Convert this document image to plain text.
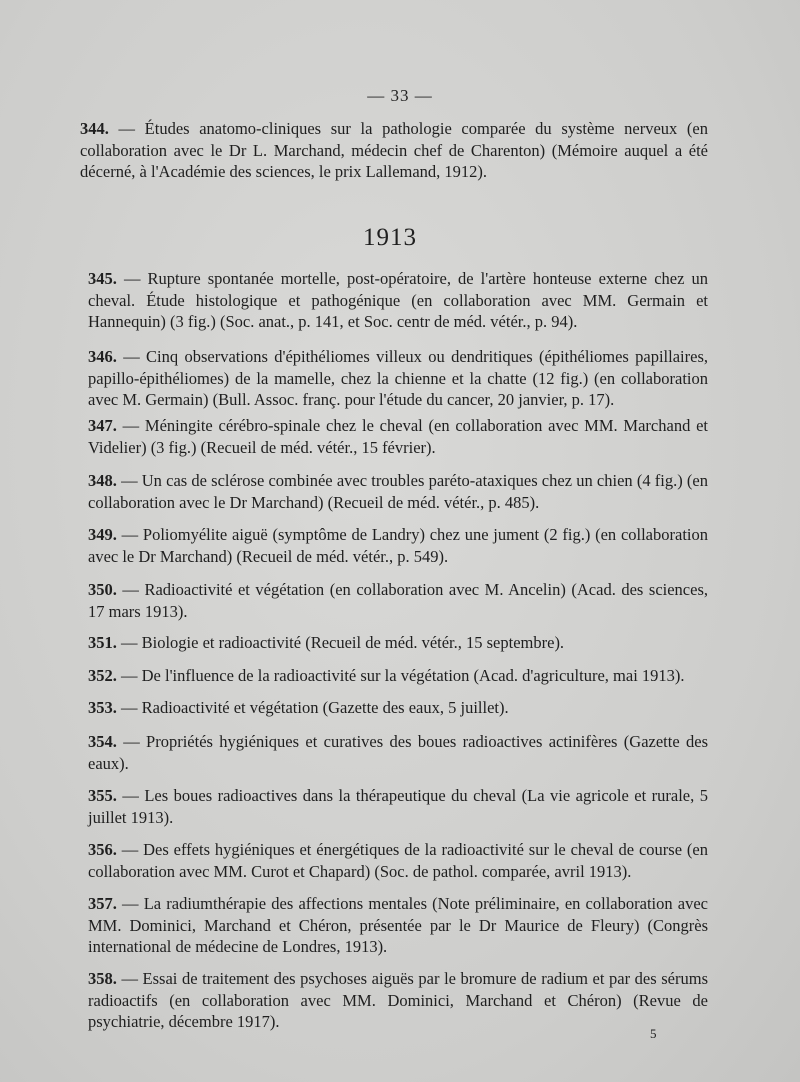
— 33 —
344. — Études anatomo-cliniques sur la pathologie comparée du système nerveux (en collaboration avec le Dr L. Marchand, médecin chef de Charenton) (Mémoire auquel a été décerné, à l'Académie des sciences, le prix Lallemand, 1912).
1913
345. — Rupture spontanée mortelle, post-opératoire, de l'artère honteuse externe chez un cheval. Étude histologique et pathogénique (en collaboration avec MM. Germain et Hannequin) (3 fig.) (Soc. anat., p. 141, et Soc. centr de méd. vétér., p. 94).
346. — Cinq observations d'épithéliomes villeux ou dendritiques (épithéliomes papillaires, papillo-épithéliomes) de la mamelle, chez la chienne et la chatte (12 fig.) (en collaboration avec M. Germain) (Bull. Assoc. franç. pour l'étude du cancer, 20 janvier, p. 17).
347. — Méningite cérébro-spinale chez le cheval (en collaboration avec MM. Marchand et Videlier) (3 fig.) (Recueil de méd. vétér., 15 février).
348. — Un cas de sclérose combinée avec troubles paréto-ataxiques chez un chien (4 fig.) (en collaboration avec le Dr Marchand) (Recueil de méd. vétér., p. 485).
349. — Poliomyélite aiguë (symptôme de Landry) chez une jument (2 fig.) (en collaboration avec le Dr Marchand) (Recueil de méd. vétér., p. 549).
350. — Radioactivité et végétation (en collaboration avec M. Ancelin) (Acad. des sciences, 17 mars 1913).
351. — Biologie et radioactivité (Recueil de méd. vétér., 15 septembre).
352. — De l'influence de la radioactivité sur la végétation (Acad. d'agriculture, mai 1913).
353. — Radioactivité et végétation (Gazette des eaux, 5 juillet).
354. — Propriétés hygiéniques et curatives des boues radioactives actinifères (Gazette des eaux).
355. — Les boues radioactives dans la thérapeutique du cheval (La vie agricole et rurale, 5 juillet 1913).
356. — Des effets hygiéniques et énergétiques de la radioactivité sur le cheval de course (en collaboration avec MM. Curot et Chapard) (Soc. de pathol. comparée, avril 1913).
357. — La radiumthérapie des affections mentales (Note préliminaire, en collaboration avec MM. Dominici, Marchand et Chéron, présentée par le Dr Maurice de Fleury) (Congrès international de médecine de Londres, 1913).
358. — Essai de traitement des psychoses aiguës par le bromure de radium et par des sérums radioactifs (en collaboration avec MM. Dominici, Marchand et Chéron) (Revue de psychiatrie, décembre 1917).
5
